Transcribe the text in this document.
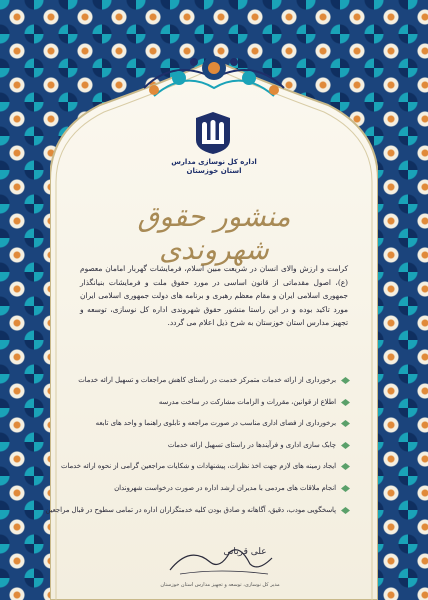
اداره کل نوسازی مدارس
استان خوزستان
منشور حقوق شهروندی
کرامت و ارزش والای انسان در شریعت مبین اسلام، فرمایشات گهربار امامان معصوم (ع)، اصول مقدماتی از قانون اساسی در مورد حقوق ملت و فرمایشات بنیانگذار جمهوری اسلامی ایران و مقام معظم رهبری و برنامه های دولت جمهوری اسلامی ایران مورد تاکید بوده و در این راستا منشور حقوق شهروندی اداره کل نوسازی، توسعه و تجهیز مدارس استان خوزستان به شرح ذیل اعلام می گردد.
برخورداری از ارائه خدمات متمرکز خدمت در راستای کاهش مراجعات و تسهیل ارائه خدمات
اطلاع از قوانین، مقررات و الزامات مشارکت در ساخت مدرسه
برخورداری از فضای اداری مناسب در صورت مراجعه و تابلوی راهنما و واحد های تابعه
چابک سازی اداری و فرآیندها در راستای تسهیل ارائه خدمات
ایجاد زمینه های لازم جهت اخذ نظرات، پیشنهادات و شکایات مراجعین گرامی از نحوه ارائه خدمات
انجام ملاقات های مردمی با مدیران ارشد اداره در صورت درخواست شهروندان
پاسخگویی مودب، دقیق، آگاهانه و صادق بودن کلیه خدمتگزاران اداره در تمامی سطوح در قبال مراجعین
علی قربانی
مدیر کل نوسازی، توسعه و تجهیز مدارس استان خوزستان
